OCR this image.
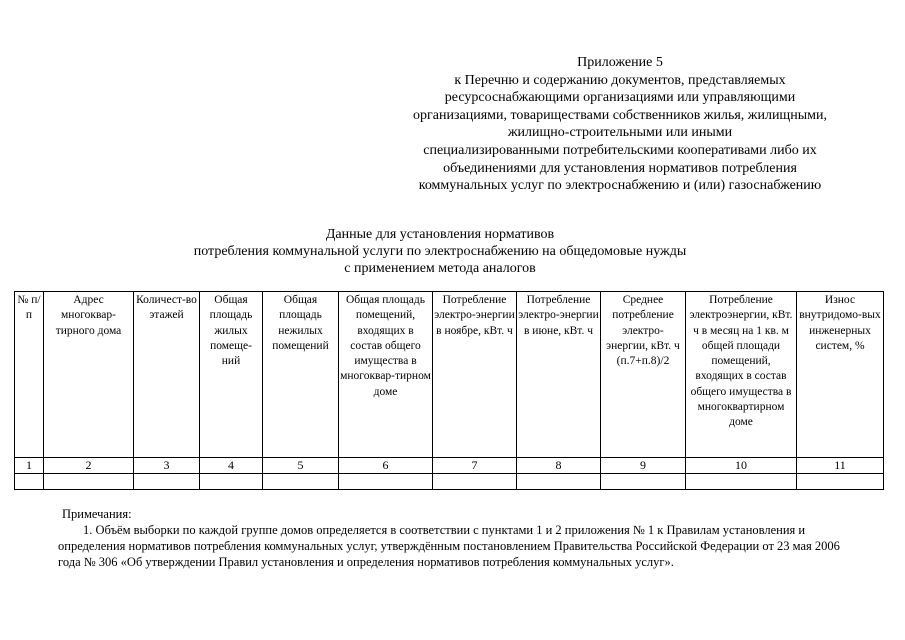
Приложение 5
к Перечню и содержанию документов, представляемых
ресурсоснабжающими организациями или управляющими
организациями, товариществами собственников жилья, жилищными,
жилищно-строительными или иными
специализированными потребительскими кооперативами либо их
объединениями для установления нормативов потребления
коммунальных услуг по электроснабжению и (или) газоснабжению
Данные для установления нормативов
потребления коммунальной услуги по электроснабжению на общедомовые нужды
с применением метода аналогов
№ п/п	Адрес многоквар-тирного дома	Количест-во этажей	Общая площадь жилых помеще-ний	Общая площадь нежилых помещений	Общая площадь помещений, входящих в состав общего имущества в многоквар-тирном доме	Потребление электро-энергии в ноябре, кВт. ч	Потребление электро-энергии в июне, кВт. ч	Среднее потребление электро-энергии, кВт. ч (п.7+п.8)/2	Потребление электроэнергии, кВт. ч в месяц на 1 кв. м общей площади помещений, входящих в состав общего имущества в многоквартирном доме	Износ внутридомо-вых инженерных систем, %
1	2	3	4	5	6	7	8	9	10	11

Примечания:

1. Объём выборки по каждой группе домов определяется в соответствии с пунктами 1 и 2 приложения № 1 к Правилам установления и определения нормативов потребления коммунальных услуг, утверждённым постановлением Правительства Российской Федерации от 23 мая 2006 года № 306 «Об утверждении Правил установления и определения нормативов потребления коммунальных услуг».
